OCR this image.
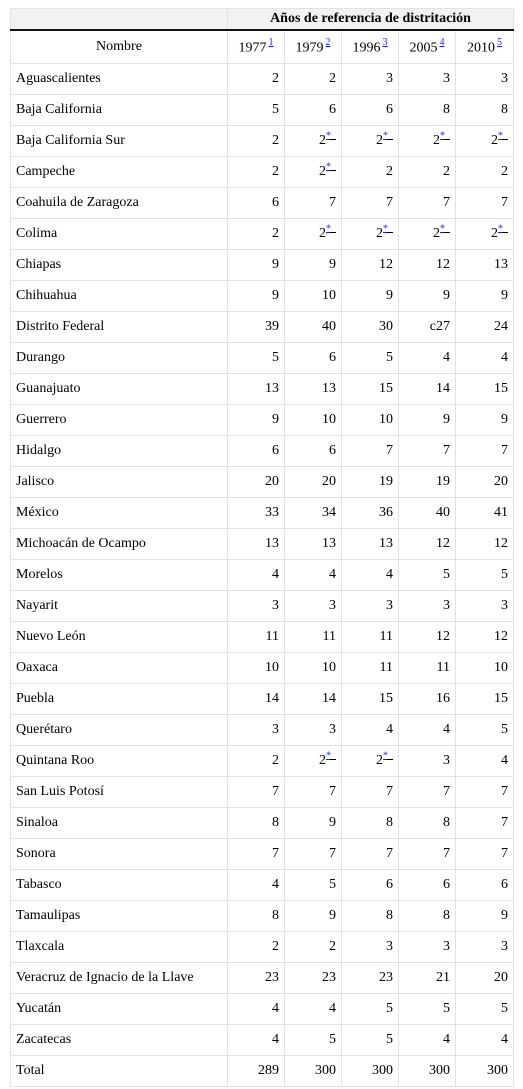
	Años de referencia de distritación				
Nombre	1977 $^1$	1979 $^2$	1996 $^3$	2005 $^4$	2010 $^5$
Aguascalientes	2	2	3	3	3
Baja California	5	6	6	8	8
Baja California Sur	2	2*	2*	2*	2*
Campeche	2	2*	2	2	2
Coahuila de Zaragoza	6	7	7	7	7
Colima	2	2*	2*	2*	2*
Chiapas	9	9	12	12	13
Chihuahua	9	10	9	9	9
Distrito Federal	39	40	30	c27	24
Durango	5	6	5	4	4
Guanajuato	13	13	15	14	15
Guerrero	9	10	10	9	9
Hidalgo	6	6	7	7	7
Jalisco	20	20	19	19	20
México	33	34	36	40	41
Michoacán de Ocampo	13	13	13	12	12
Morelos	4	4	4	5	5
Nayarit	3	3	3	3	3
Nuevo León	11	11	11	12	12
Oaxaca	10	10	11	11	10
Puebla	14	14	15	16	15
Querétaro	3	3	4	4	5
Quintana Roo	2	2*	2*	3	4
San Luis Potosí	7	7	7	7	7
Sinaloa	8	9	8	8	7
Sonora	7	7	7	7	7
Tabasco	4	5	6	6	6
Tamaulipas	8	9	8	8	9
Tlaxcala	2	2	3	3	3
Veracruz de Ignacio de la Llave	23	23	23	21	20
Yucatán	4	4	5	5	5
Zacatecas	4	5	5	4	4
Total	289	300	300	300	300
